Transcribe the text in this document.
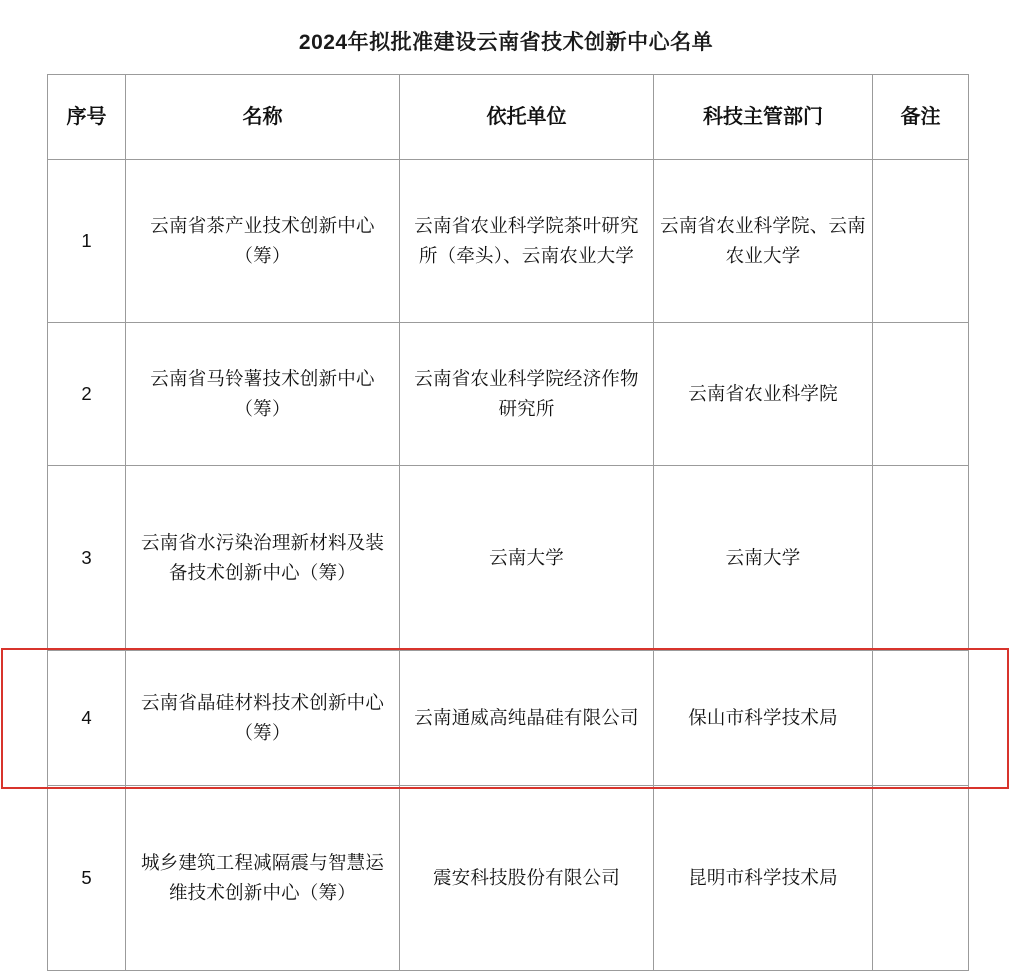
2024年拟批准建设云南省技术创新中心名单
序号	名称	依托单位	科技主管部门	备注
1	云南省茶产业技术创新中心（筹）	云南省农业科学院茶叶研究所（牵头）、云南农业大学	云南省农业科学院、云南农业大学	
2	云南省马铃薯技术创新中心（筹）	云南省农业科学院经济作物研究所	云南省农业科学院	
3	云南省水污染治理新材料及装备技术创新中心（筹）	云南大学	云南大学	
4	云南省晶硅材料技术创新中心（筹）	云南通威高纯晶硅有限公司	保山市科学技术局	
5	城乡建筑工程减隔震与智慧运维技术创新中心（筹）	震安科技股份有限公司	昆明市科学技术局	
